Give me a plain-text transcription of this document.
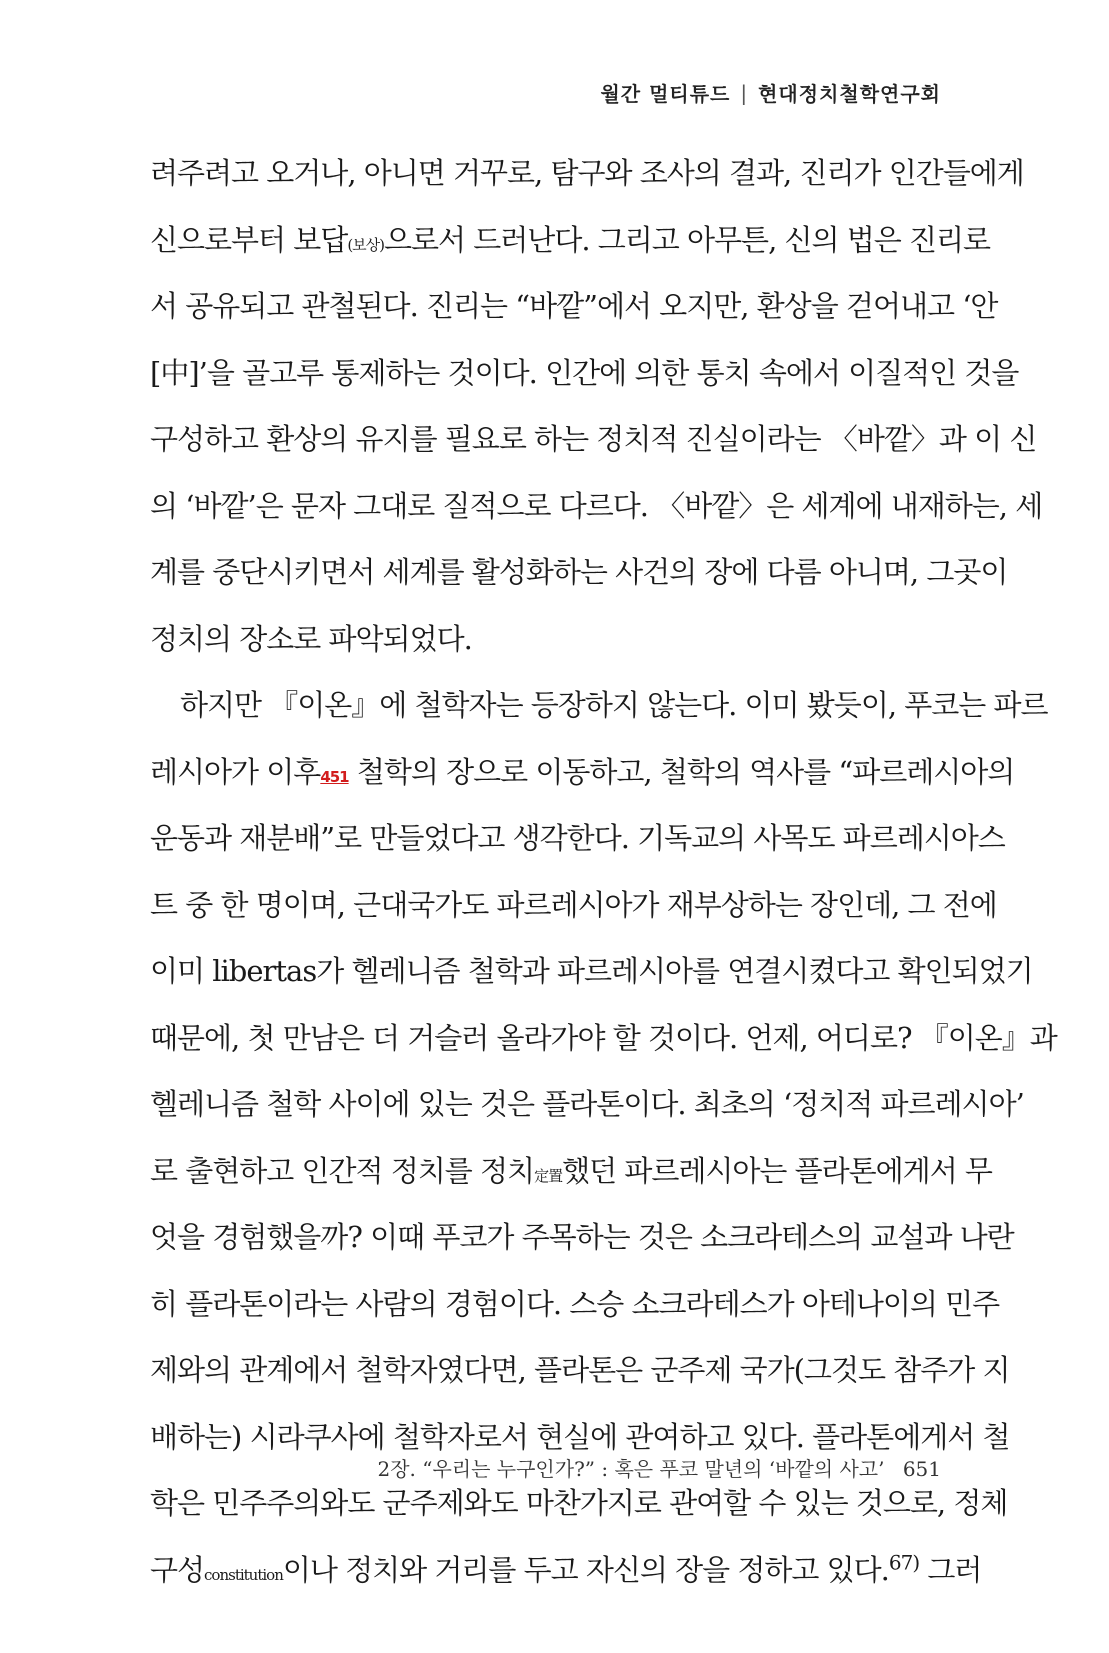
월간 멀티튜드 | 현대정치철학연구회
려주려고 오거나, 아니면 거꾸로, 탐구와 조사의 결과, 진리가 인간들에게
신으로부터 보답(보상)으로서 드러난다. 그리고 아무튼, 신의 법은 진리로
서 공유되고 관철된다. 진리는 “바깥”에서 오지만, 환상을 걷어내고 ‘안
[中]’을 골고루 통제하는 것이다. 인간에 의한 통치 속에서 이질적인 것을
구성하고 환상의 유지를 필요로 하는 정치적 진실이라는 〈바깥〉과 이 신
의 ‘바깥’은 문자 그대로 질적으로 다르다. 〈바깥〉은 세계에 내재하는, 세
계를 중단시키면서 세계를 활성화하는 사건의 장에 다름 아니며, 그곳이
정치의 장소로 파악되었다.
하지만 『이온』에 철학자는 등장하지 않는다. 이미 봤듯이, 푸코는 파르
레시아가 이후451 철학의 장으로 이동하고, 철학의 역사를 “파르레시아의
운동과 재분배”로 만들었다고 생각한다. 기독교의 사목도 파르레시아스
트 중 한 명이며, 근대국가도 파르레시아가 재부상하는 장인데, 그 전에
이미 libertas가 헬레니즘 철학과 파르레시아를 연결시켰다고 확인되었기
때문에, 첫 만남은 더 거슬러 올라가야 할 것이다. 언제, 어디로? 『이온』과
헬레니즘 철학 사이에 있는 것은 플라톤이다. 최초의 ‘정치적 파르레시아’
로 출현하고 인간적 정치를 정치定置했던 파르레시아는 플라톤에게서 무
엇을 경험했을까? 이때 푸코가 주목하는 것은 소크라테스의 교설과 나란
히 플라톤이라는 사람의 경험이다. 스승 소크라테스가 아테나이의 민주
제와의 관계에서 철학자였다면, 플라톤은 군주제 국가(그것도 참주가 지
배하는) 시라쿠사에 철학자로서 현실에 관여하고 있다. 플라톤에게서 철
학은 민주주의와도 군주제와도 마찬가지로 관여할 수 있는 것으로, 정체
구성constitution이나 정치와 거리를 두고 자신의 장을 정하고 있다.$^{67)}$ 그러
2장. “우리는 누구인가?” : 혹은 푸코 말년의 ‘바깥의 사고’ 651
